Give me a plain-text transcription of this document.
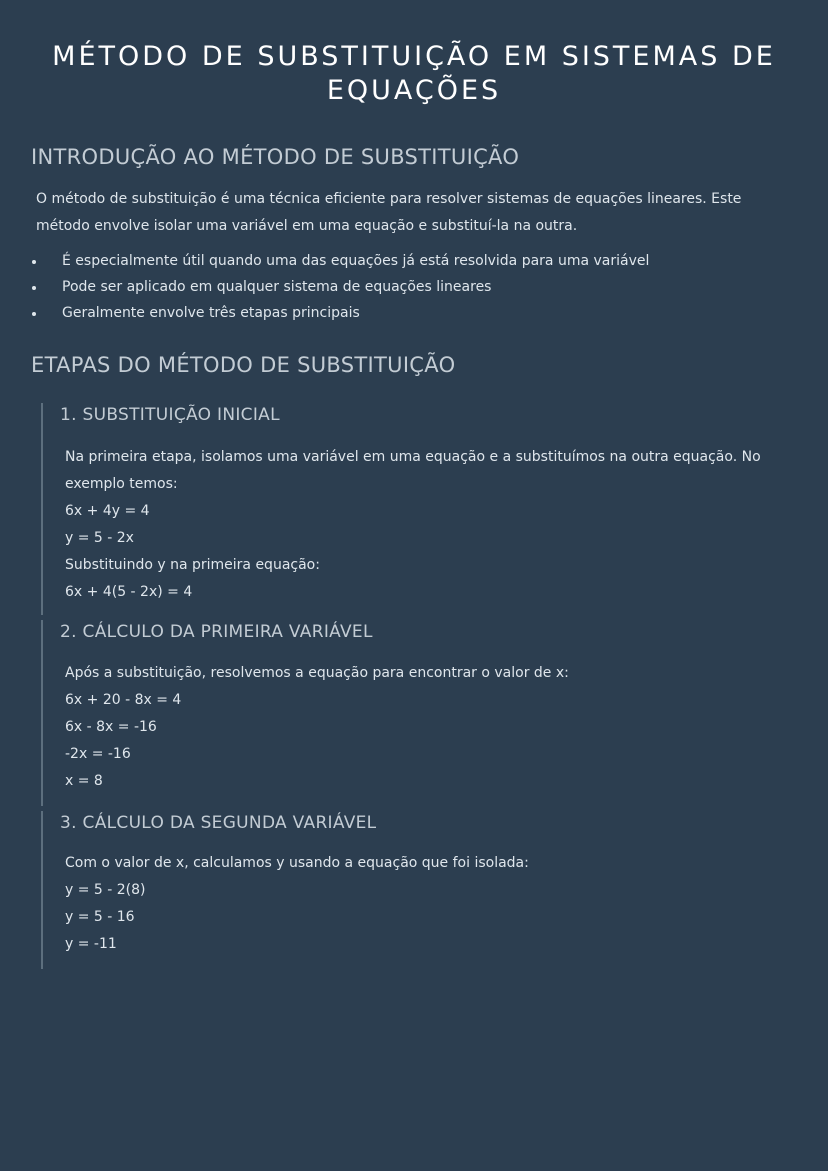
MÉTODO DE SUBSTITUIÇÃO EM SISTEMAS DE EQUAÇÕES
INTRODUÇÃO AO MÉTODO DE SUBSTITUIÇÃO

O método de substituição é uma técnica eficiente para resolver sistemas de equações lineares. Este método envolve isolar uma variável em uma equação e substituí-la na outra.

É especialmente útil quando uma das equações já está resolvida para uma variável
Pode ser aplicado em qualquer sistema de equações lineares
Geralmente envolve três etapas principais
ETAPAS DO MÉTODO DE SUBSTITUIÇÃO
1. SUBSTITUIÇÃO INICIAL

Na primeira etapa, isolamos uma variável em uma equação e a substituímos na outra equação. No exemplo temos:

6x + 4y = 4
y = 5 - 2x
Substituindo y na primeira equação:
6x + 4(5 - 2x) = 4
2. CÁLCULO DA PRIMEIRA VARIÁVEL

Após a substituição, resolvemos a equação para encontrar o valor de x:

6x + 20 - 8x = 4
6x - 8x = -16
-2x = -16
x = 8
3. CÁLCULO DA SEGUNDA VARIÁVEL

Com o valor de x, calculamos y usando a equação que foi isolada:

y = 5 - 2(8)
y = 5 - 16
y = -11
